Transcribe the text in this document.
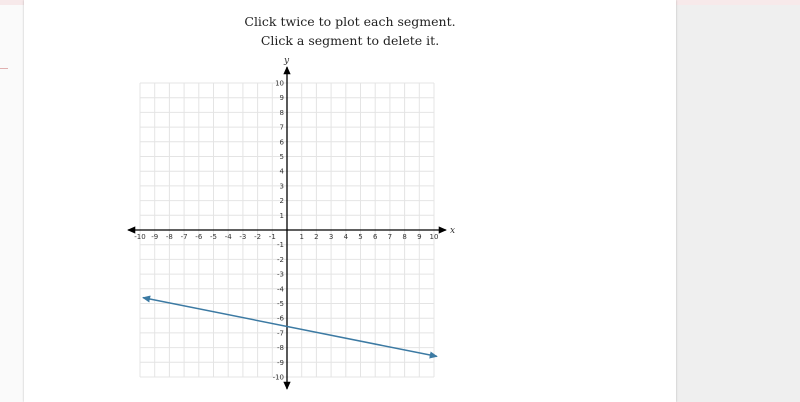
Click twice to plot each segment.
Click a segment to delete it.
-10 -9 -8 -7 -6 -5 -4 -3 -2 -1	1 2 3 4 5 6 7 8 9 10
-10
-9
-8
-7
-6
-5
-4
-3
-2
-1
1
2
3
4
5
6
7
8
9
10
x
y
